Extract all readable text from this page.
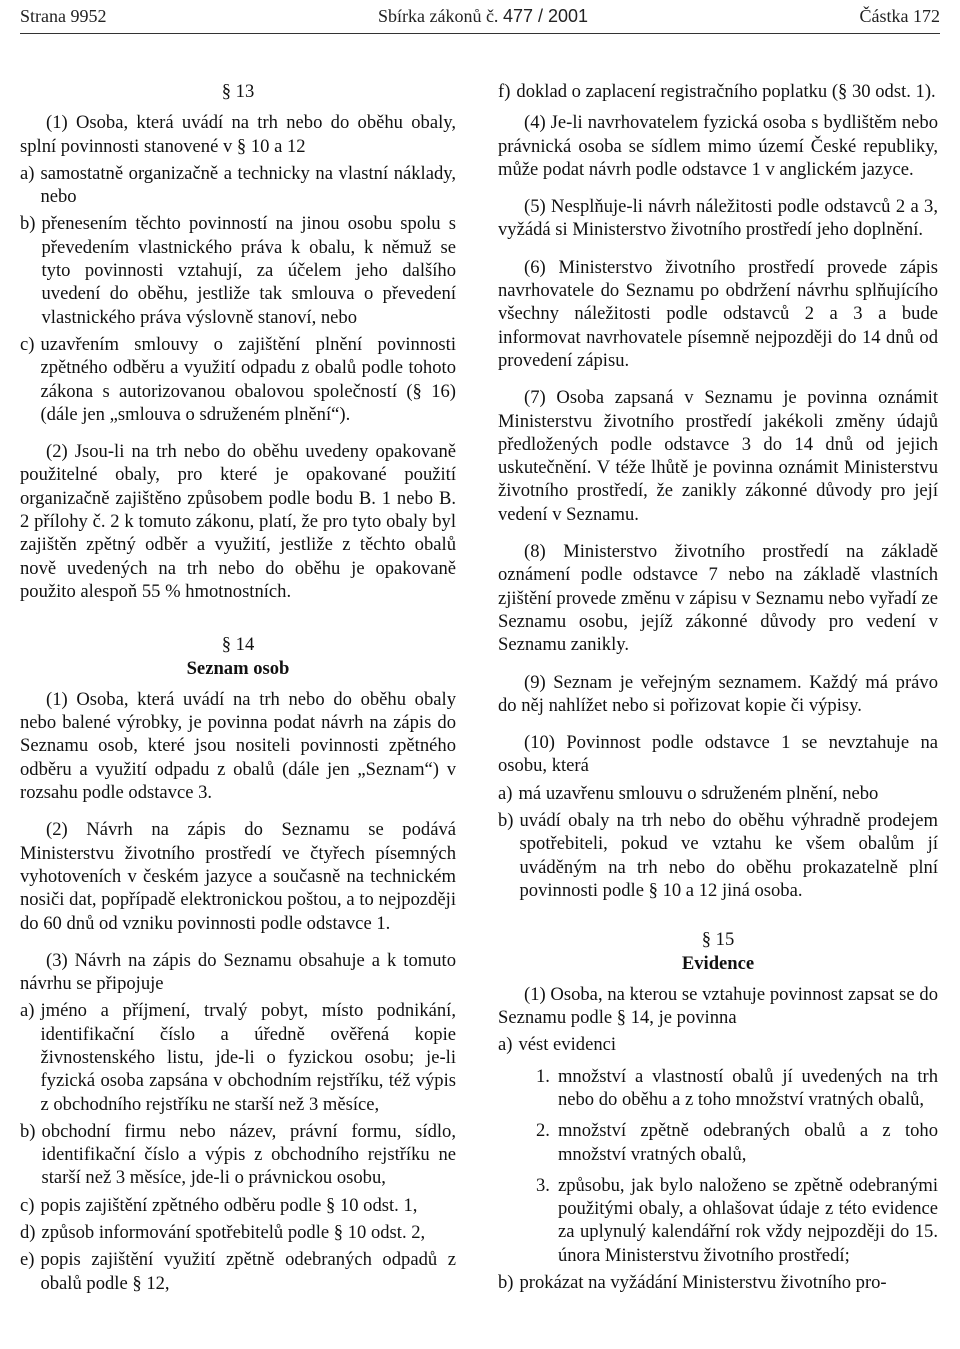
Strana 9952	Sbírka zákonů č. 477 / 2001	Částka 172

§ 13

(1) Osoba, která uvádí na trh nebo do oběhu obaly, splní povinnosti stanovené v § 10 a 12

a) samostatně organizačně a technicky na vlastní náklady, nebo
b) přenesením těchto povinností na jinou osobu spolu s převedením vlastnického práva k obalu, k němuž se tyto povinnosti vztahují, za účelem jeho dalšího uvedení do oběhu, jestliže tak smlouva o převedení vlastnického práva výslovně stanoví, nebo
c) uzavřením smlouvy o zajištění plnění povinnosti zpětného odběru a využití odpadu z obalů podle tohoto zákona s autorizovanou obalovou společností (§ 16) (dále jen „smlouva o sdruženém plnění“).

(2) Jsou-li na trh nebo do oběhu uvedeny opakovaně použitelné obaly, pro které je opakované použití organizačně zajištěno způsobem podle bodu B. 1 nebo B. 2 přílohy č. 2 k tomuto zákonu, platí, že pro tyto obaly byl zajištěn zpětný odběr a využití, jestliže z těchto obalů nově uvedených na trh nebo do oběhu je opakovaně použito alespoň 55 % hmotnostních.

§ 14

Seznam osob

(1) Osoba, která uvádí na trh nebo do oběhu obaly nebo balené výrobky, je povinna podat návrh na zápis do Seznamu osob, které jsou nositeli povinnosti zpětného odběru a využití odpadu z obalů (dále jen „Seznam“) v rozsahu podle odstavce 3.

(2) Návrh na zápis do Seznamu se podává Ministerstvu životního prostředí ve čtyřech písemných vyhotoveních v českém jazyce a současně na technickém nosiči dat, popřípadě elektronickou poštou, a to nejpozději do 60 dnů od vzniku povinnosti podle odstavce 1.

(3) Návrh na zápis do Seznamu obsahuje a k tomuto návrhu se připojuje

a) jméno a příjmení, trvalý pobyt, místo podnikání, identifikační číslo a úředně ověřená kopie živnostenského listu, jde-li o fyzickou osobu; je-li fyzická osoba zapsána v obchodním rejstříku, též výpis z obchodního rejstříku ne starší než 3 měsíce,
b) obchodní firmu nebo název, právní formu, sídlo, identifikační číslo a výpis z obchodního rejstříku ne starší než 3 měsíce, jde-li o právnickou osobu,
c) popis zajištění zpětného odběru podle § 10 odst. 1,
d) způsob informování spotřebitelů podle § 10 odst. 2,
e) popis zajištění využití zpětně odebraných odpadů z obalů podle § 12,
f) doklad o zaplacení registračního poplatku (§ 30 odst. 1).

(4) Je-li navrhovatelem fyzická osoba s bydlištěm nebo právnická osoba se sídlem mimo území České republiky, může podat návrh podle odstavce 1 v anglickém jazyce.

(5) Nesplňuje-li návrh náležitosti podle odstavců 2 a 3, vyžádá si Ministerstvo životního prostředí jeho doplnění.

(6) Ministerstvo životního prostředí provede zápis navrhovatele do Seznamu po obdržení návrhu splňujícího všechny náležitosti podle odstavců 2 a 3 a bude informovat navrhovatele písemně nejpozději do 14 dnů od provedení zápisu.

(7) Osoba zapsaná v Seznamu je povinna oznámit Ministerstvu životního prostředí jakékoli změny údajů předložených podle odstavce 3 do 14 dnů od jejich uskutečnění. V téže lhůtě je povinna oznámit Ministerstvu životního prostředí, že zanikly zákonné důvody pro její vedení v Seznamu.

(8) Ministerstvo životního prostředí na základě oznámení podle odstavce 7 nebo na základě vlastních zjištění provede změnu v zápisu v Seznamu nebo vyřadí ze Seznamu osobu, jejíž zákonné důvody pro vedení v Seznamu zanikly.

(9) Seznam je veřejným seznamem. Každý má právo do něj nahlížet nebo si pořizovat kopie či výpisy.

(10) Povinnost podle odstavce 1 se nevztahuje na osobu, která

a) má uzavřenu smlouvu o sdruženém plnění, nebo
b) uvádí obaly na trh nebo do oběhu výhradně prodejem spotřebiteli, pokud ve vztahu ke všem obalům jí uváděným na trh nebo do oběhu prokazatelně plní povinnosti podle § 10 a 12 jiná osoba.

§ 15

Evidence

(1) Osoba, na kterou se vztahuje povinnost zapsat se do Seznamu podle § 14, je povinna

a) vést evidenci
1. množství a vlastností obalů jí uvedených na trh nebo do oběhu a z toho množství vratných obalů,
2. množství zpětně odebraných obalů a z toho množství vratných obalů,
3. způsobu, jak bylo naloženo se zpětně odebranými použitými obaly, a ohlašovat údaje z této evidence za uplynulý kalendářní rok vždy nejpozději do 15. února Ministerstvu životního prostředí;
b) prokázat na vyžádání Ministerstvu životního pro-
